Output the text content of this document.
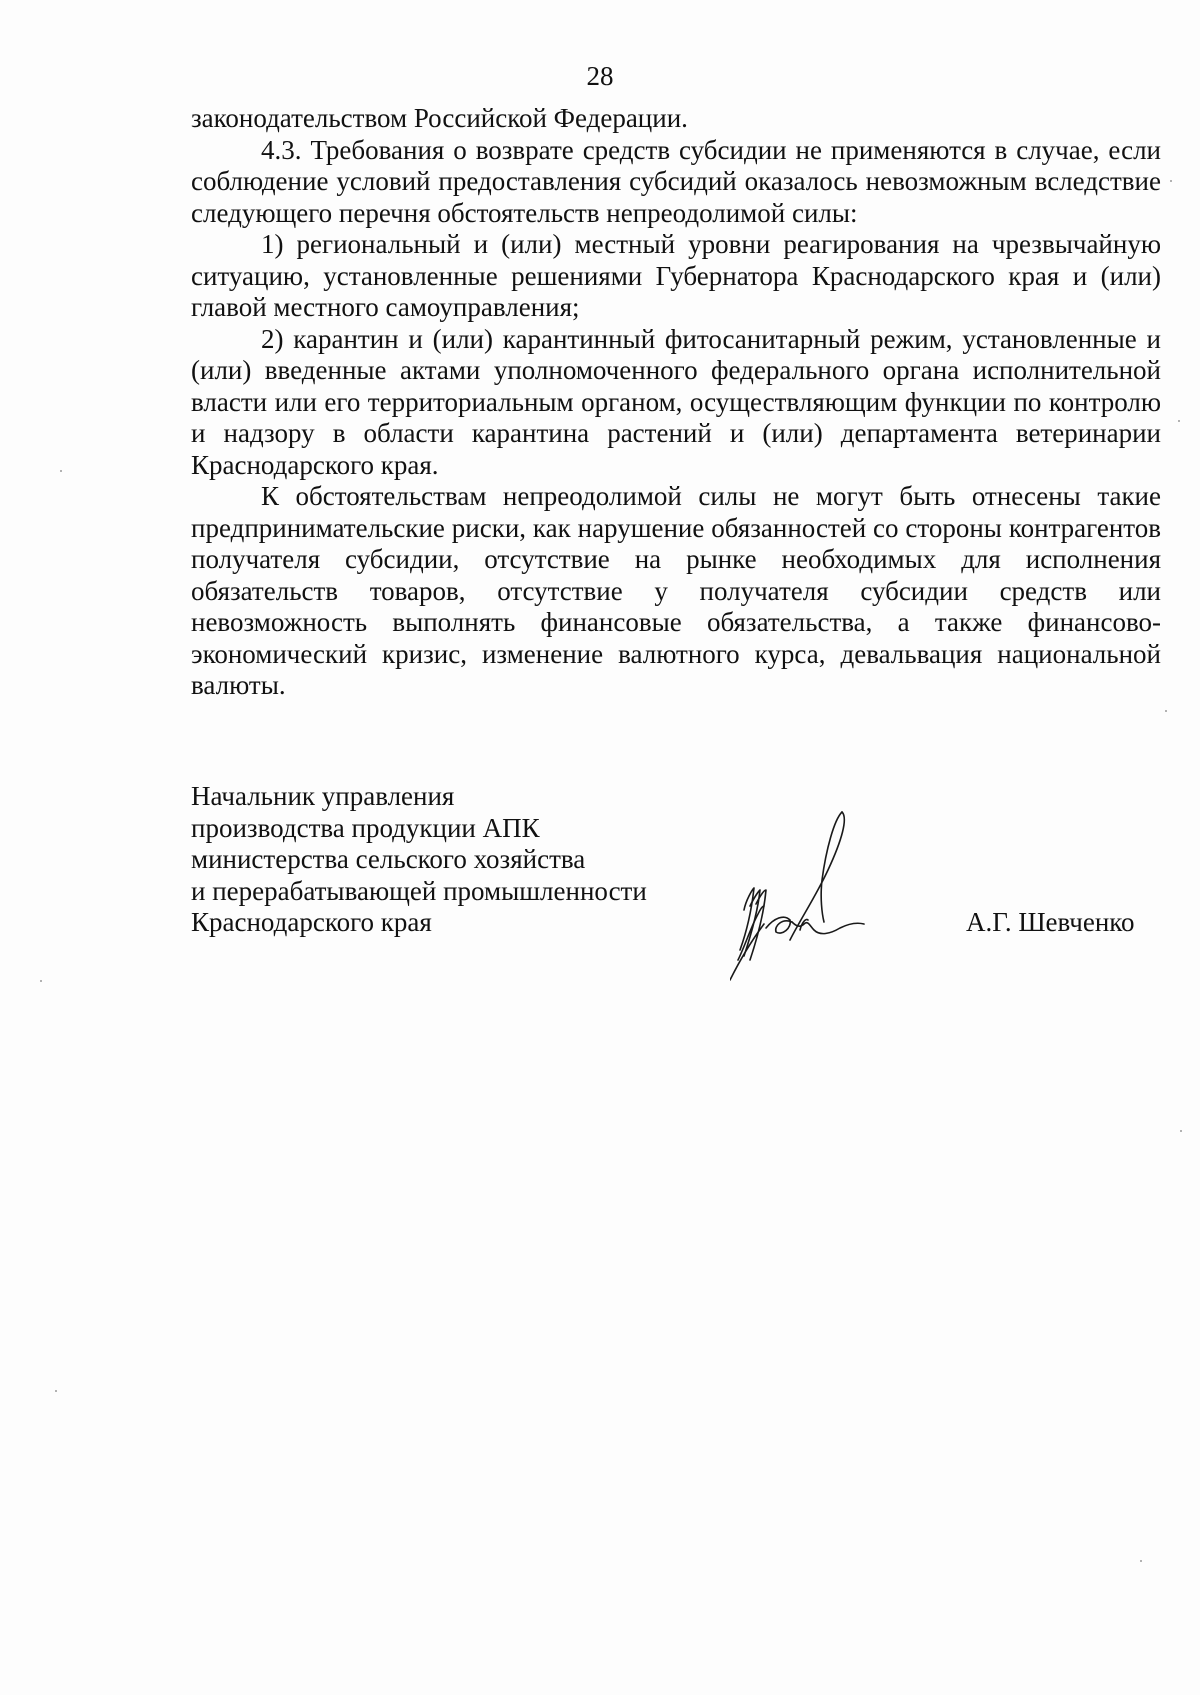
28

законодательством Российской Федерации.

4.3. Требования о возврате средств субсидии не применяются в случае, если соблюдение условий предоставления субсидий оказалось невозможным вследствие следующего перечня обстоятельств непреодолимой силы:

1) региональный и (или) местный уровни реагирования на чрезвычайную ситуацию, установленные решениями Губернатора Краснодарского края и (или) главой местного самоуправления;

2) карантин и (или) карантинный фитосанитарный режим, установленные и (или) введенные актами уполномоченного федерального органа исполнительной власти или его территориальным органом, осуществляющим функции по контролю и надзору в области карантина растений и (или) департамента ветеринарии Краснодарского края.

К обстоятельствам непреодолимой силы не могут быть отнесены такие предпринимательские риски, как нарушение обязанностей со стороны контрагентов получателя субсидии, отсутствие на рынке необходимых для исполнения обязательств товаров, отсутствие у получателя субсидии средств или невозможность выполнять финансовые обязательства, а также финансово-экономический кризис, изменение валютного курса, девальвация национальной валюты.

Начальник управления
производства продукции АПК
министерства сельского хозяйства
и перерабатывающей промышленности
Краснодарского края	А.Г. Шевченко
